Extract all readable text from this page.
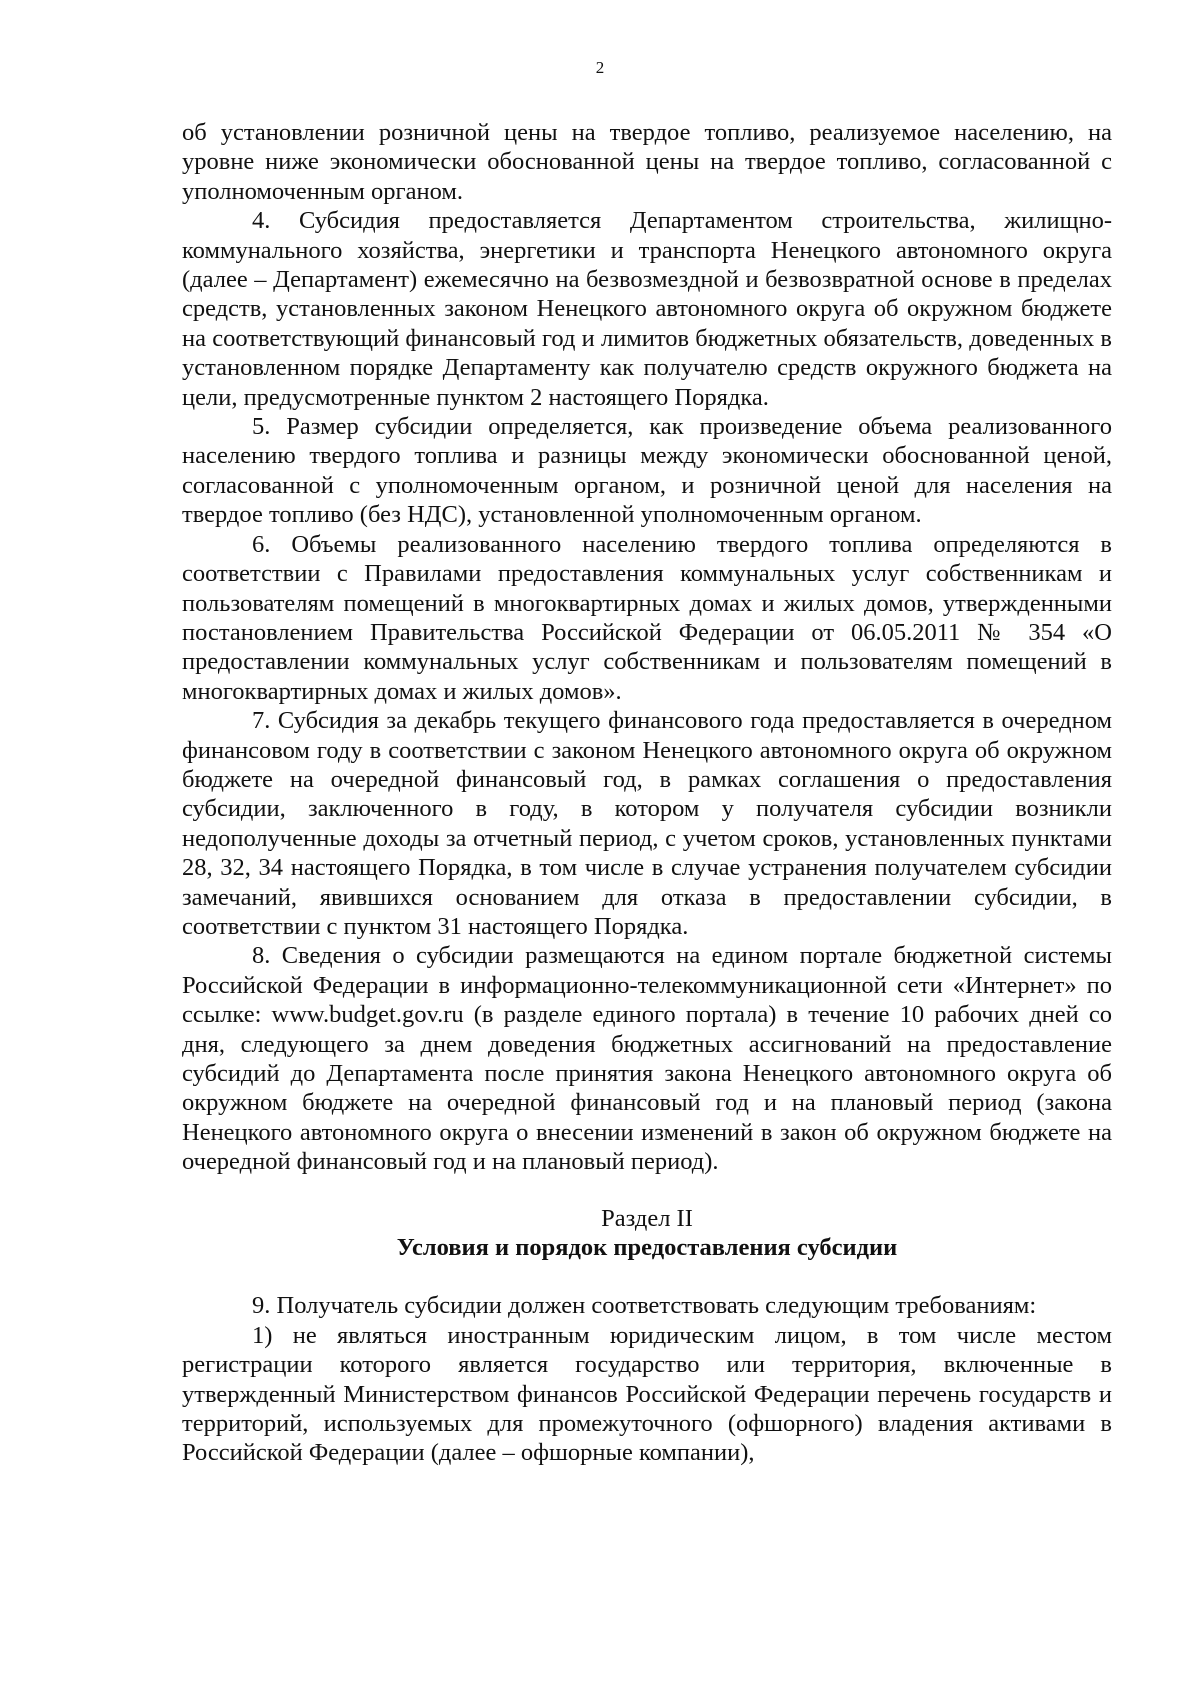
2

об установлении розничной цены на твердое топливо, реализуемое населению, на уровне ниже экономически обоснованной цены на твердое топливо, согласованной с уполномоченным органом.

4. Субсидия предоставляется Департаментом строительства, жилищно-коммунального хозяйства, энергетики и транспорта Ненецкого автономного округа (далее – Департамент) ежемесячно на безвозмездной и безвозвратной основе в пределах средств, установленных законом Ненецкого автономного округа об окружном бюджете на соответствующий финансовый год и лимитов бюджетных обязательств, доведенных в установленном порядке Департаменту как получателю средств окружного бюджета на цели, предусмотренные пунктом 2 настоящего Порядка.

5. Размер субсидии определяется, как произведение объема реализованного населению твердого топлива и разницы между экономически обоснованной ценой, согласованной с уполномоченным органом, и розничной ценой для населения на твердое топливо (без НДС), установленной уполномоченным органом.

6. Объемы реализованного населению твердого топлива определяются в соответствии с Правилами предоставления коммунальных услуг собственникам и пользователям помещений в многоквартирных домах и жилых домов, утвержденными постановлением Правительства Российской Федерации от 06.05.2011 № 354 «О предоставлении коммунальных услуг собственникам и пользователям помещений в многоквартирных домах и жилых домов».

7. Субсидия за декабрь текущего финансового года предоставляется в очередном финансовом году в соответствии с законом Ненецкого автономного округа об окружном бюджете на очередной финансовый год, в рамках соглашения о предоставления субсидии, заключенного в году, в котором у получателя субсидии возникли недополученные доходы за отчетный период, с учетом сроков, установленных пунктами 28, 32, 34 настоящего Порядка, в том числе в случае устранения получателем субсидии замечаний, явившихся основанием для отказа в предоставлении субсидии, в соответствии с пунктом 31 настоящего Порядка.

8. Сведения о субсидии размещаются на едином портале бюджетной системы Российской Федерации в информационно-телекоммуникационной сети «Интернет» по ссылке: www.budget.gov.ru (в разделе единого портала) в течение 10 рабочих дней со дня, следующего за днем доведения бюджетных ассигнований на предоставление субсидий до Департамента после принятия закона Ненецкого автономного округа об окружном бюджете на очередной финансовый год и на плановый период (закона Ненецкого автономного округа о внесении изменений в закон об окружном бюджете на очередной финансовый год и на плановый период).

Раздел II

Условия и порядок предоставления субсидии

9. Получатель субсидии должен соответствовать следующим требованиям:

1) не являться иностранным юридическим лицом, в том числе местом регистрации которого является государство или территория, включенные в утвержденный Министерством финансов Российской Федерации перечень государств и территорий, используемых для промежуточного (офшорного) владения активами в Российской Федерации (далее – офшорные компании),
